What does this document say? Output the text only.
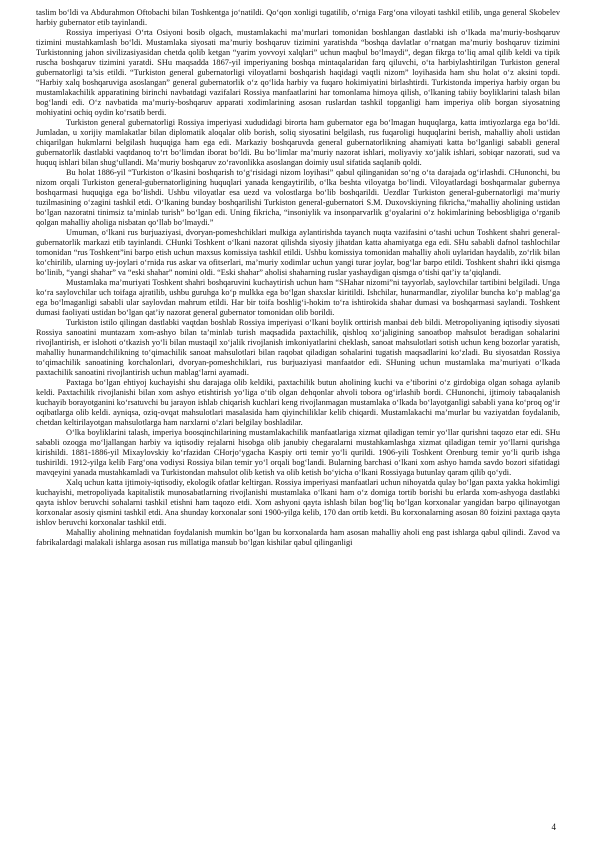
taslim bo‘ldi va Abdurahmon Oftobachi bilan Toshkentga jo‘natildi. Qo‘qon xonligi tugatilib, o‘rniga Farg‘ona viloyati tashkil etilib, unga general Skobelev harbiy gubernator etib tayinlandi.

Rossiya imperiyasi O‘rta Osiyoni bosib olgach, mustamlakachi ma’murlari tomonidan boshlangan dastlabki ish o‘lkada ma’muriy-boshqaruv tizimini mustahkamlash bo‘ldi. Mustamlaka siyosati ma’muriy boshqaruv tizimini yaratishda “boshqa davlatlar o‘rnatgan ma’muriy boshqaruv tizimini Turkistonning jahon sivilizasiyasidan chetda qolib ketgan “yarim yovvoyi xalqlari” uchun maqbul bo‘lmaydi”, degan fikrga to‘liq amal qilib keldi va tipik ruscha boshqaruv tizimini yaratdi. SHu maqsadda 1867-yil imperiyaning boshqa mintaqalaridan farq qiluvchi, o‘ta harbiylashtirilgan Turkiston general gubernatorligi ta’sis etildi. “Turkiston general gubernatorligi viloyatlarni boshqarish haqidagi vaqtli nizom” loyihasida ham shu holat o‘z aksini topdi. “Harbiy xalq boshqaruviga asoslangan” general gubernatorlik o‘z qo‘lida harbiy va fuqaro hokimiyatini birlashtirdi. Turkistonda imperiya harbiy organ bu mustamlakachilik apparatining birinchi navbatdagi vazifalari Rossiya manfaatlarini har tomonlama himoya qilish, o‘lkaning tabiiy boyliklarini talash bilan bog‘landi edi. O‘z navbatida ma’muriy-boshqaruv apparati xodimlarining asosan ruslardan tashkil topganligi ham imperiya olib borgan siyosatning mohiyatini ochiq oydin ko‘rsatib berdi.

Turkiston general gubernatorligi Rossiya imperiyasi xududidagi birorta ham gubernator ega bo‘lmagan huquqlarga, katta imtiyozlarga ega bo‘ldi. Jumladan, u xorijiy mamlakatlar bilan diplomatik aloqalar olib borish, soliq siyosatini belgilash, rus fuqaroligi huquqlarini berish, mahalliy aholi ustidan chiqarilgan hukmlarni belgilash huquqiga ham ega edi. Markaziy boshqaruvda general gubernatorlikning ahamiyati katta bo‘lganligi sababli general gubernatorlik dastlabki vaqtdanoq to‘rt bo‘limdan iborat bo‘ldi. Bu bo‘limlar ma’muriy nazorat ishlari, moliyaviy xo‘jalik ishlari, sobiqar nazorati, sud va huquq ishlari bilan shug‘ullandi. Ma’muriy boshqaruv zo‘ravonlikka asoslangan doimiy usul sifatida saqlanib qoldi.

Bu holat 1886-yil “Turkiston o‘lkasini boshqarish to‘g‘risidagi nizom loyihasi” qabul qilinganidan so‘ng o‘ta darajada og‘irlashdi. CHunonchi, bu nizom orqali Turkiston general-gubernatorligining huquqlari yanada kengaytirilib, o‘lka beshta viloyatga bo‘lindi. Viloyatlardagi boshqarmalar gubernya boshqarmasi huquqiga ega bo‘lishdi. Ushbu viloyatlar esa uezd va volostlarga bo‘lib boshqarildi. Uezdlar Turkiston general-gubernatorligi ma’muriy tuzilmasining o‘zagini tashkil etdi. O‘lkaning bunday boshqarilishi Turkiston general-gubernatori S.M. Duxovskiyning fikricha,“mahalliy aholining ustidan bo‘lgan nazoratni tinimsiz ta’minlab turish” bo‘lgan edi. Uning fikricha, “insoniylik va insonparvarlik g‘oyalarini o‘z hokimlarining bebosbligiga o‘rganib qolgan mahalliy aholiga nisbatan qo‘llab bo‘lmaydi.”

Umuman, o‘lkani rus burjuaziyasi, dvoryan-pomeshchiklari mulkiga aylantirishda tayanch nuqta vazifasini o‘tashi uchun Toshkent shahri general-gubernatorlik markazi etib tayinlandi. CHunki Toshkent o‘lkani nazorat qilishda siyosiy jihatdan katta ahamiyatga ega edi. SHu sababli dafnol tashlochilar tomonidan “rus Toshkent”ini barpo etish uchun maxsus komissiya tashkil etildi. Ushbu komissiya tomonidan mahalliy aholi uylaridan haydalib, zo‘rlik bilan ko‘chirilib, ularning uy-joylari o‘rnida rus askar va ofitserlari, ma’muriy xodimlar uchun yangi turar joylar, bog‘lar barpo etildi. Toshkent shahri ikki qismga bo‘linib, “yangi shahar” va “eski shahar” nomini oldi. “Eski shahar” aholisi shaharning ruslar yashaydigan qismga o‘tishi qat’iy ta’qiqlandi.

Mustamlaka ma’muriyati Toshkent shahri boshqaruvini kuchaytirish uchun ham “SHahar nizomi”ni tayyorlab, saylovchilar tartibini belgiladi. Unga ko‘ra saylovchilar uch toifaga ajratilib, ushbu guruhga ko‘p mulkka ega bo‘lgan shaxslar kiritildi. Ishchilar, hunarmandlar, ziyolilar buncha ko‘p mablag‘ga ega bo‘lmaganligi sababli ular saylovdan mahrum etildi. Har bir toifa boshlig‘i-hokim to‘ra ishtirokida shahar dumasi va boshqarmasi saylandi. Toshkent dumasi faoliyati ustidan bo‘lgan qat’iy nazorat general gubernator tomonidan olib borildi.

Turkiston istilo qilingan dastlabki vaqtdan boshlab Rossiya imperiyasi o‘lkani boylik orttirish manbai deb bildi. Metropoliyaning iqtisodiy siyosati Rossiya sanoatini muntazam xom-ashyo bilan ta’minlab turish maqsadida paxtachilik, qishloq xo‘jaligining sanoatbop mahsulot beradigan sohalarini rivojlantirish, er islohoti o‘tkazish yo‘li bilan mustaqil xo‘jalik rivojlanish imkoniyatlarini cheklash, sanoat mahsulotlari sotish uchun keng bozorlar yaratish, mahalliy hunarmandchilikning to‘qimachilik sanoat mahsulotlari bilan raqobat qiladigan sohalarini tugatish maqsadlarini ko‘zladi. Bu siyosatdan Rossiya to‘qimachilik sanoatining korchalonlari, dvoryan-pomeshchiklari, rus burjuaziyasi manfaatdor edi. SHuning uchun mustamlaka ma’muriyati o‘lkada paxtachilik sanoatini rivojlantirish uchun mablag‘larni ayamadi.

Paxtaga bo‘lgan ehtiyoj kuchayishi shu darajaga olib keldiki, paxtachilik butun aholining kuchi va e’tiborini o‘z girdobiga olgan sohaga aylanib keldi. Paxtachilik rivojlanishi bilan xom ashyo etishtirish yo‘liga o‘tib olgan dehqonlar ahvoli tobora og‘irlashib bordi. CHunonchi, ijtimoiy tabaqalanish kuchayib borayotganini ko‘rsatuvchi bu jarayon ishlab chiqarish kuchlari keng rivojlanmagan mustamlaka o‘lkada bo‘layotganligi sababli yana ko‘proq og‘ir oqibatlarga olib keldi. ayniqsa, oziq-ovqat mahsulotlari masalasida ham qiyinchiliklar kelib chiqardi. Mustamlakachi ma’murlar bu vaziyatdan foydalanib, chetdan keltirilayotgan mahsulotlarga ham narxlarni o‘zlari belgilay boshladilar.

O‘lka boyliklarini talash, imperiya boosqinchilarining mustamlakachilik manfaatlariga xizmat qiladigan temir yo‘llar qurishni taqozo etar edi. SHu sababli ozoqga mo‘ljallangan harbiy va iqtisodiy rejalarni hisobga olib janubiy chegaralarni mustahkamlashga xizmat qiladigan temir yo‘llarni qurishga kirishildi. 1881-1886-yil Mixaylovskiy ko‘rfazidan CHorjo‘ygacha Kaspiy orti temir yo‘li qurildi. 1906-yili Toshkent Orenburg temir yo‘li qurib ishga tushirildi. 1912-yilga kelib Farg‘ona vodiysi Rossiya bilan temir yo‘l orqali bog‘landi. Bularning barchasi o‘lkani xom ashyo hamda savdo bozori sifatidagi mavqeyini yanada mustahkamladi va Turkistondan mahsulot olib ketish va olib ketish bo‘yicha o‘lkani Rossiyaga butunlay qaram qilib qo‘ydi.

Xalq uchun katta ijtimoiy-iqtisodiy, ekologik ofatlar keltirgan. Rossiya imperiyasi manfaatlari uchun nihoyatda qulay bo‘lgan paxta yakka hokimligi kuchayishi, metropoliyada kapitalistik munosabatlarning rivojlanishi mustamlaka o‘lkani ham o‘z domiga tortib borishi bu erlarda xom-ashyoga dastlabki qayta ishlov beruvchi sohalarni tashkil etishni ham taqozo etdi. Xom ashyoni qayta ishlash bilan bog‘liq bo‘lgan korxonalar yangidan barpo qilinayotgan korxonalar asosiy qismini tashkil etdi. Ana shunday korxonalar soni 1900-yilga kelib, 170 dan ortib ketdi. Bu korxonalarning asosan 80 foizini paxtaga qayta ishlov beruvchi korxonalar tashkil etdi.

Mahalliy aholining mehnatidan foydalanish mumkin bo‘lgan bu korxonalarda ham asosan mahalliy aholi eng past ishlarga qabul qilindi. Zavod va fabrikalardagi malakali ishlarga asosan rus millatiga mansub bo‘lgan kishilar qabul qilinganligi

4
